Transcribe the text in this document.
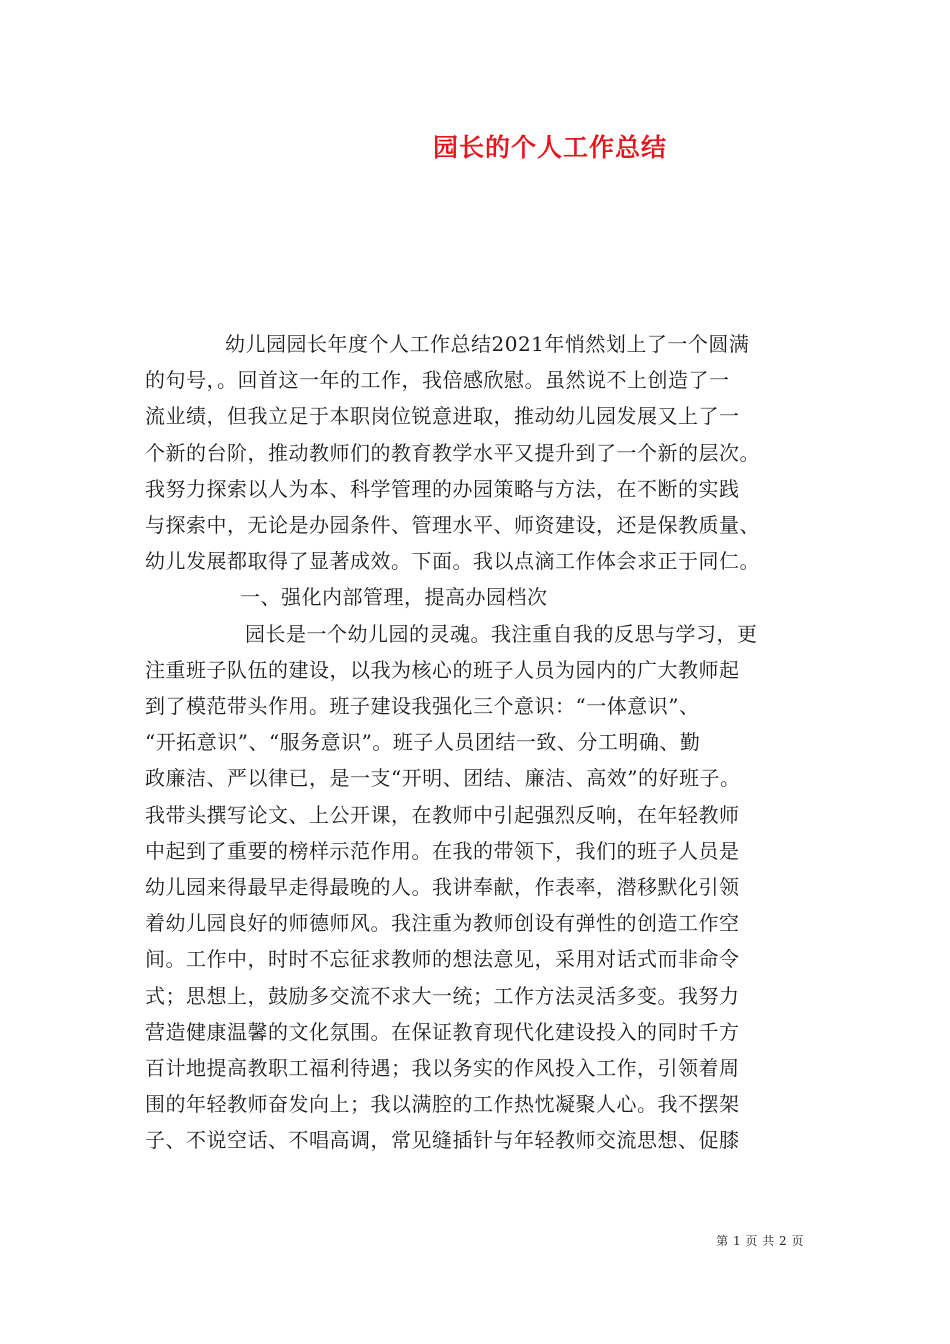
园长的个人工作总结

幼儿园园长年度个人工作总结2021年悄然划上了一个圆满
的句号，。回首这一年的工作，我倍感欣慰。虽然说不上创造了一
流业绩，但我立足于本职岗位锐意进取，推动幼儿园发展又上了一
个新的台阶，推动教师们的教育教学水平又提升到了一个新的层次。
我努力探索以人为本、科学管理的办园策略与方法，在不断的实践
与探索中，无论是办园条件、管理水平、师资建设，还是保教质量、
幼儿发展都取得了显著成效。下面。我以点滴工作体会求正于同仁。

一、强化内部管理，提高办园档次

园长是一个幼儿园的灵魂。我注重自我的反思与学习，更
注重班子队伍的建设，以我为核心的班子人员为园内的广大教师起
到了模范带头作用。班子建设我强化三个意识：“一体意识”、
“开拓意识”、“服务意识”。班子人员团结一致、分工明确、勤
政廉洁、严以律已，是一支“开明、团结、廉洁、高效”的好班子。
我带头撰写论文、上公开课，在教师中引起强烈反响，在年轻教师
中起到了重要的榜样示范作用。在我的带领下，我们的班子人员是
幼儿园来得最早走得最晚的人。我讲奉献，作表率，潜移默化引领
着幼儿园良好的师德师风。我注重为教师创设有弹性的创造工作空
间。工作中，时时不忘征求教师的想法意见，采用对话式而非命令
式；思想上，鼓励多交流不求大一统；工作方法灵活多变。我努力
营造健康温馨的文化氛围。在保证教育现代化建设投入的同时千方
百计地提高教职工福利待遇；我以务实的作风投入工作，引领着周
围的年轻教师奋发向上；我以满腔的工作热忱凝聚人心。我不摆架
子、不说空话、不唱高调，常见缝插针与年轻教师交流思想、促膝

第 1 页 共 2 页
